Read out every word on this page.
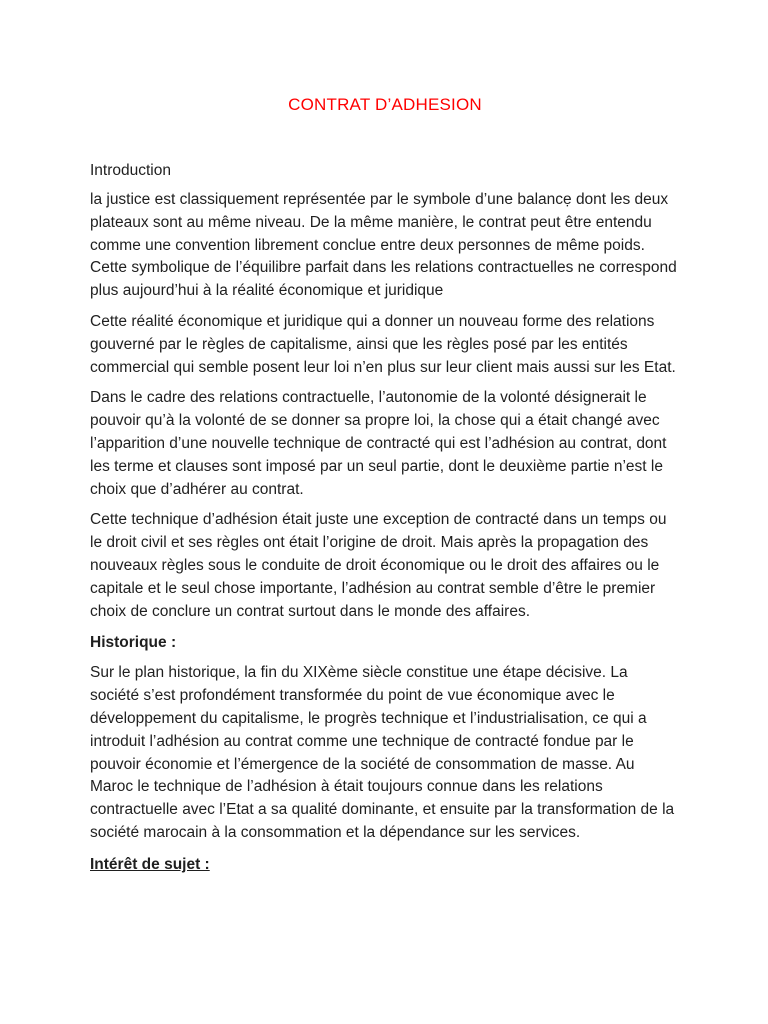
CONTRAT D’ADHESION

Introduction

la justice est classiquement représentée par le symbole d’une balancẹ dont les deux plateaux sont au même niveau. De la même manière, le contrat peut être entendu comme une convention librement conclue entre deux personnes de même poids. Cette symbolique de l’équilibre parfait dans les relations contractuelles ne correspond plus aujourd’hui à la réalité économique et juridique

Cette réalité économique et juridique qui a donner un nouveau forme des relations gouverné par le règles de capitalisme, ainsi que les règles posé par les entités commercial qui semble posent leur loi n’en plus sur leur client mais aussi sur les Etat.

Dans le cadre des relations contractuelle, l’autonomie de la volonté désignerait le pouvoir qu’à la volonté de se donner sa propre loi, la chose qui a était changé avec l’apparition d’une nouvelle technique de contracté qui est l’adhésion au contrat, dont les terme et clauses sont imposé par un seul partie, dont le deuxième partie n’est le choix que d’adhérer au contrat.

Cette technique d’adhésion était juste une exception de contracté dans un temps ou le droit civil et ses règles ont était l’origine de droit. Mais après la propagation des nouveaux règles sous le conduite de droit économique ou le droit des affaires ou le capitale et le seul chose importante, l’adhésion au contrat semble d’être le premier choix de conclure un contrat surtout dans le monde des affaires.

Historique :

Sur le plan historique, la fin du XIXème siècle constitue une étape décisive. La société s’est profondément transformée du point de vue économique avec le développement du capitalisme, le progrès technique et l’industrialisation, ce qui a introduit l’adhésion au contrat comme une technique de contracté fondue par le pouvoir économie et l’émergence de la société de consommation de masse. Au Maroc le technique de l’adhésion à était toujours connue dans les relations contractuelle avec l’Etat a sa qualité dominante, et ensuite par la transformation de la société marocain à la consommation et la dépendance sur les services.

Intérêt de sujet :
